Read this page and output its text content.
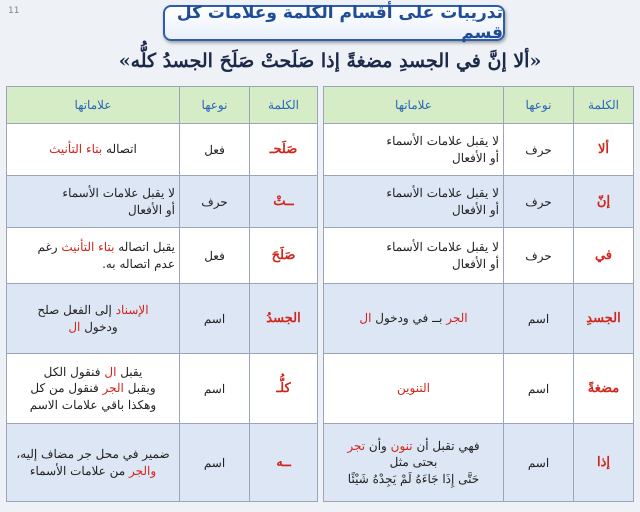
11	تدريبات على أقسام الكلمة وعلامات كل قسم
«ألا إنَّ في الجسدِ مضغةً إذا صَلَحتْ صَلَحَ الجسدُ كلُّه»
الكلمة	نوعها	علاماتها
ألا	حرف	لا يقبل علامات الأسماء
أو الأفعال

إنّ	حرف	لا يقبل علامات الأسماء
أو الأفعال

في	حرف	لا يقبل علامات الأسماء
أو الأفعال

الجسدِ	اسم	الجر بــ في ودخول ال
مضغةً	اسم	التنوين
إذا	اسم	فهي تقبل أن تنون وأن تجر
بحتى مثل
حَتَّى إِذَا جَاءَهُ لَمْ يَجِدْهُ شَيْئًا
الكلمة	نوعها	علاماتها
صَلَحـ	فعل	اتصاله بتاء التأنيث
ــتْ	حرف	لا يقبل علامات الأسماء
أو الأفعال

صَلَحَ	فعل	يقبل اتصاله بتاء التأنيث رغم
عدم اتصاله به.

الجسدُ	اسم	الإسناد إلى الفعل صلح
ودخول ال

كلُّـ	اسم	يقبل ال فنقول الكل
ويقبل الجر فنقول من كل
وهكذا باقي علامات الاسم

ــه	اسم	ضمير في محل جر مضاف إليه،
والجر من علامات الأسماء
